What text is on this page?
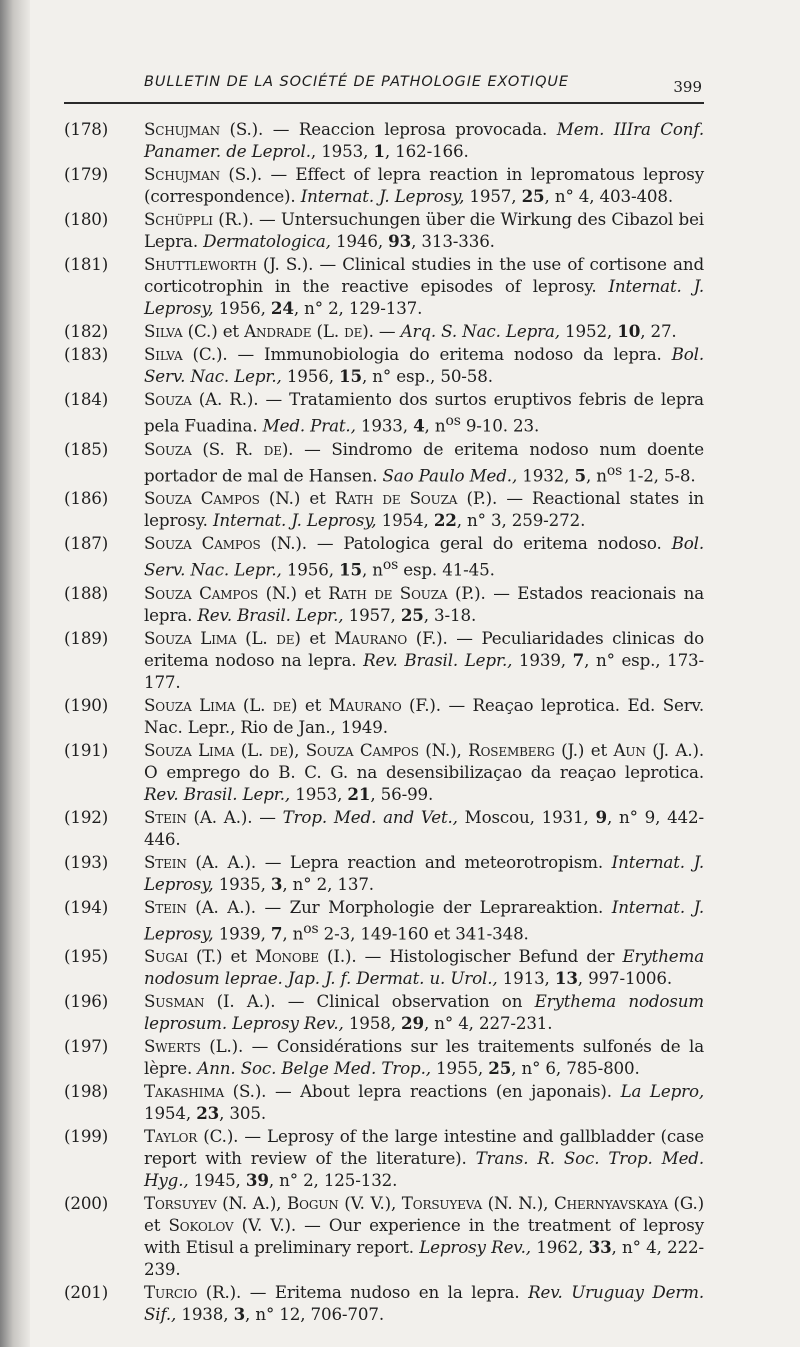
BULLETIN DE LA SOCIÉTÉ DE PATHOLOGIE EXOTIQUE	399
(178)	Schujman (S.). — Reaccion leprosa provocada. Mem. IIIra Conf. Panamer. de Leprol., 1953, 1, 162-166.
(179)	Schujman (S.). — Effect of lepra reaction in lepromatous leprosy (correspondence). Internat. J. Leprosy, 1957, 25, n° 4, 403-408.
(180)	Schüppli (R.). — Untersuchungen über die Wirkung des Cibazol bei Lepra. Dermatologica, 1946, 93, 313-336.
(181)	Shuttleworth (J. S.). — Clinical studies in the use of cortisone and corticotrophin in the reactive episodes of leprosy. Internat. J. Leprosy, 1956, 24, n° 2, 129-137.
(182)	Silva (C.) et Andrade (L. de). — Arq. S. Nac. Lepra, 1952, 10, 27.
(183)	Silva (C.). — Immunobiologia do eritema nodoso da lepra. Bol. Serv. Nac. Lepr., 1956, 15, n° esp., 50-58.
(184)	Souza (A. R.). — Tratamiento dos surtos eruptivos febris de lepra pela Fuadina. Med. Prat., 1933, 4, $n^{os}$ 9-10. 23.
(185)	Souza (S. R. de). — Sindromo de eritema nodoso num doente portador de mal de Hansen. Sao Paulo Med., 1932, 5, $n^{os}$ 1-2, 5-8.
(186)	Souza Campos (N.) et Rath de Souza (P.). — Reactional states in leprosy. Internat. J. Leprosy, 1954, 22, n° 3, 259-272.
(187)	Souza Campos (N.). — Patologica geral do eritema nodoso. Bol. Serv. Nac. Lepr., 1956, 15, $n^{os}$ esp. 41-45.
(188)	Souza Campos (N.) et Rath de Souza (P.). — Estados reacionais na lepra. Rev. Brasil. Lepr., 1957, 25, 3-18.
(189)	Souza Lima (L. de) et Maurano (F.). — Peculiaridades clinicas do eritema nodoso na lepra. Rev. Brasil. Lepr., 1939, 7, n° esp., 173-177.
(190)	Souza Lima (L. de) et Maurano (F.). — Reaçao leprotica. Ed. Serv. Nac. Lepr., Rio de Jan., 1949.
(191)	Souza Lima (L. de), Souza Campos (N.), Rosemberg (J.) et Aun (J. A.). O emprego do B. C. G. na desensibilizaçao da reaçao leprotica. Rev. Brasil. Lepr., 1953, 21, 56-99.
(192)	Stein (A. A.). — Trop. Med. and Vet., Moscou, 1931, 9, n° 9, 442-446.
(193)	Stein (A. A.). — Lepra reaction and meteorotropism. Internat. J. Leprosy, 1935, 3, n° 2, 137.
(194)	Stein (A. A.). — Zur Morphologie der Leprareaktion. Internat. J. Leprosy, 1939, 7, $n^{os}$ 2-3, 149-160 et 341-348.
(195)	Sugai (T.) et Monobe (I.). — Histologischer Befund der Erythema nodosum leprae. Jap. J. f. Dermat. u. Urol., 1913, 13, 997-1006.
(196)	Susman (I. A.). — Clinical observation on Erythema nodosum leprosum. Leprosy Rev., 1958, 29, n° 4, 227-231.
(197)	Swerts (L.). — Considérations sur les traitements sulfonés de la lèpre. Ann. Soc. Belge Med. Trop., 1955, 25, n° 6, 785-800.
(198)	Takashima (S.). — About lepra reactions (en japonais). La Lepro, 1954, 23, 305.
(199)	Taylor (C.). — Leprosy of the large intestine and gallbladder (case report with review of the literature). Trans. R. Soc. Trop. Med. Hyg., 1945, 39, n° 2, 125-132.
(200)	Torsuyev (N. A.), Bogun (V. V.), Torsuyeva (N. N.), Chernyavskaya (G.) et Sokolov (V. V.). — Our experience in the treatment of leprosy with Etisul a preliminary report. Leprosy Rev., 1962, 33, n° 4, 222-239.
(201)	Turcio (R.). — Eritema nudoso en la lepra. Rev. Uruguay Derm. Sif., 1938, 3, n° 12, 706-707.
